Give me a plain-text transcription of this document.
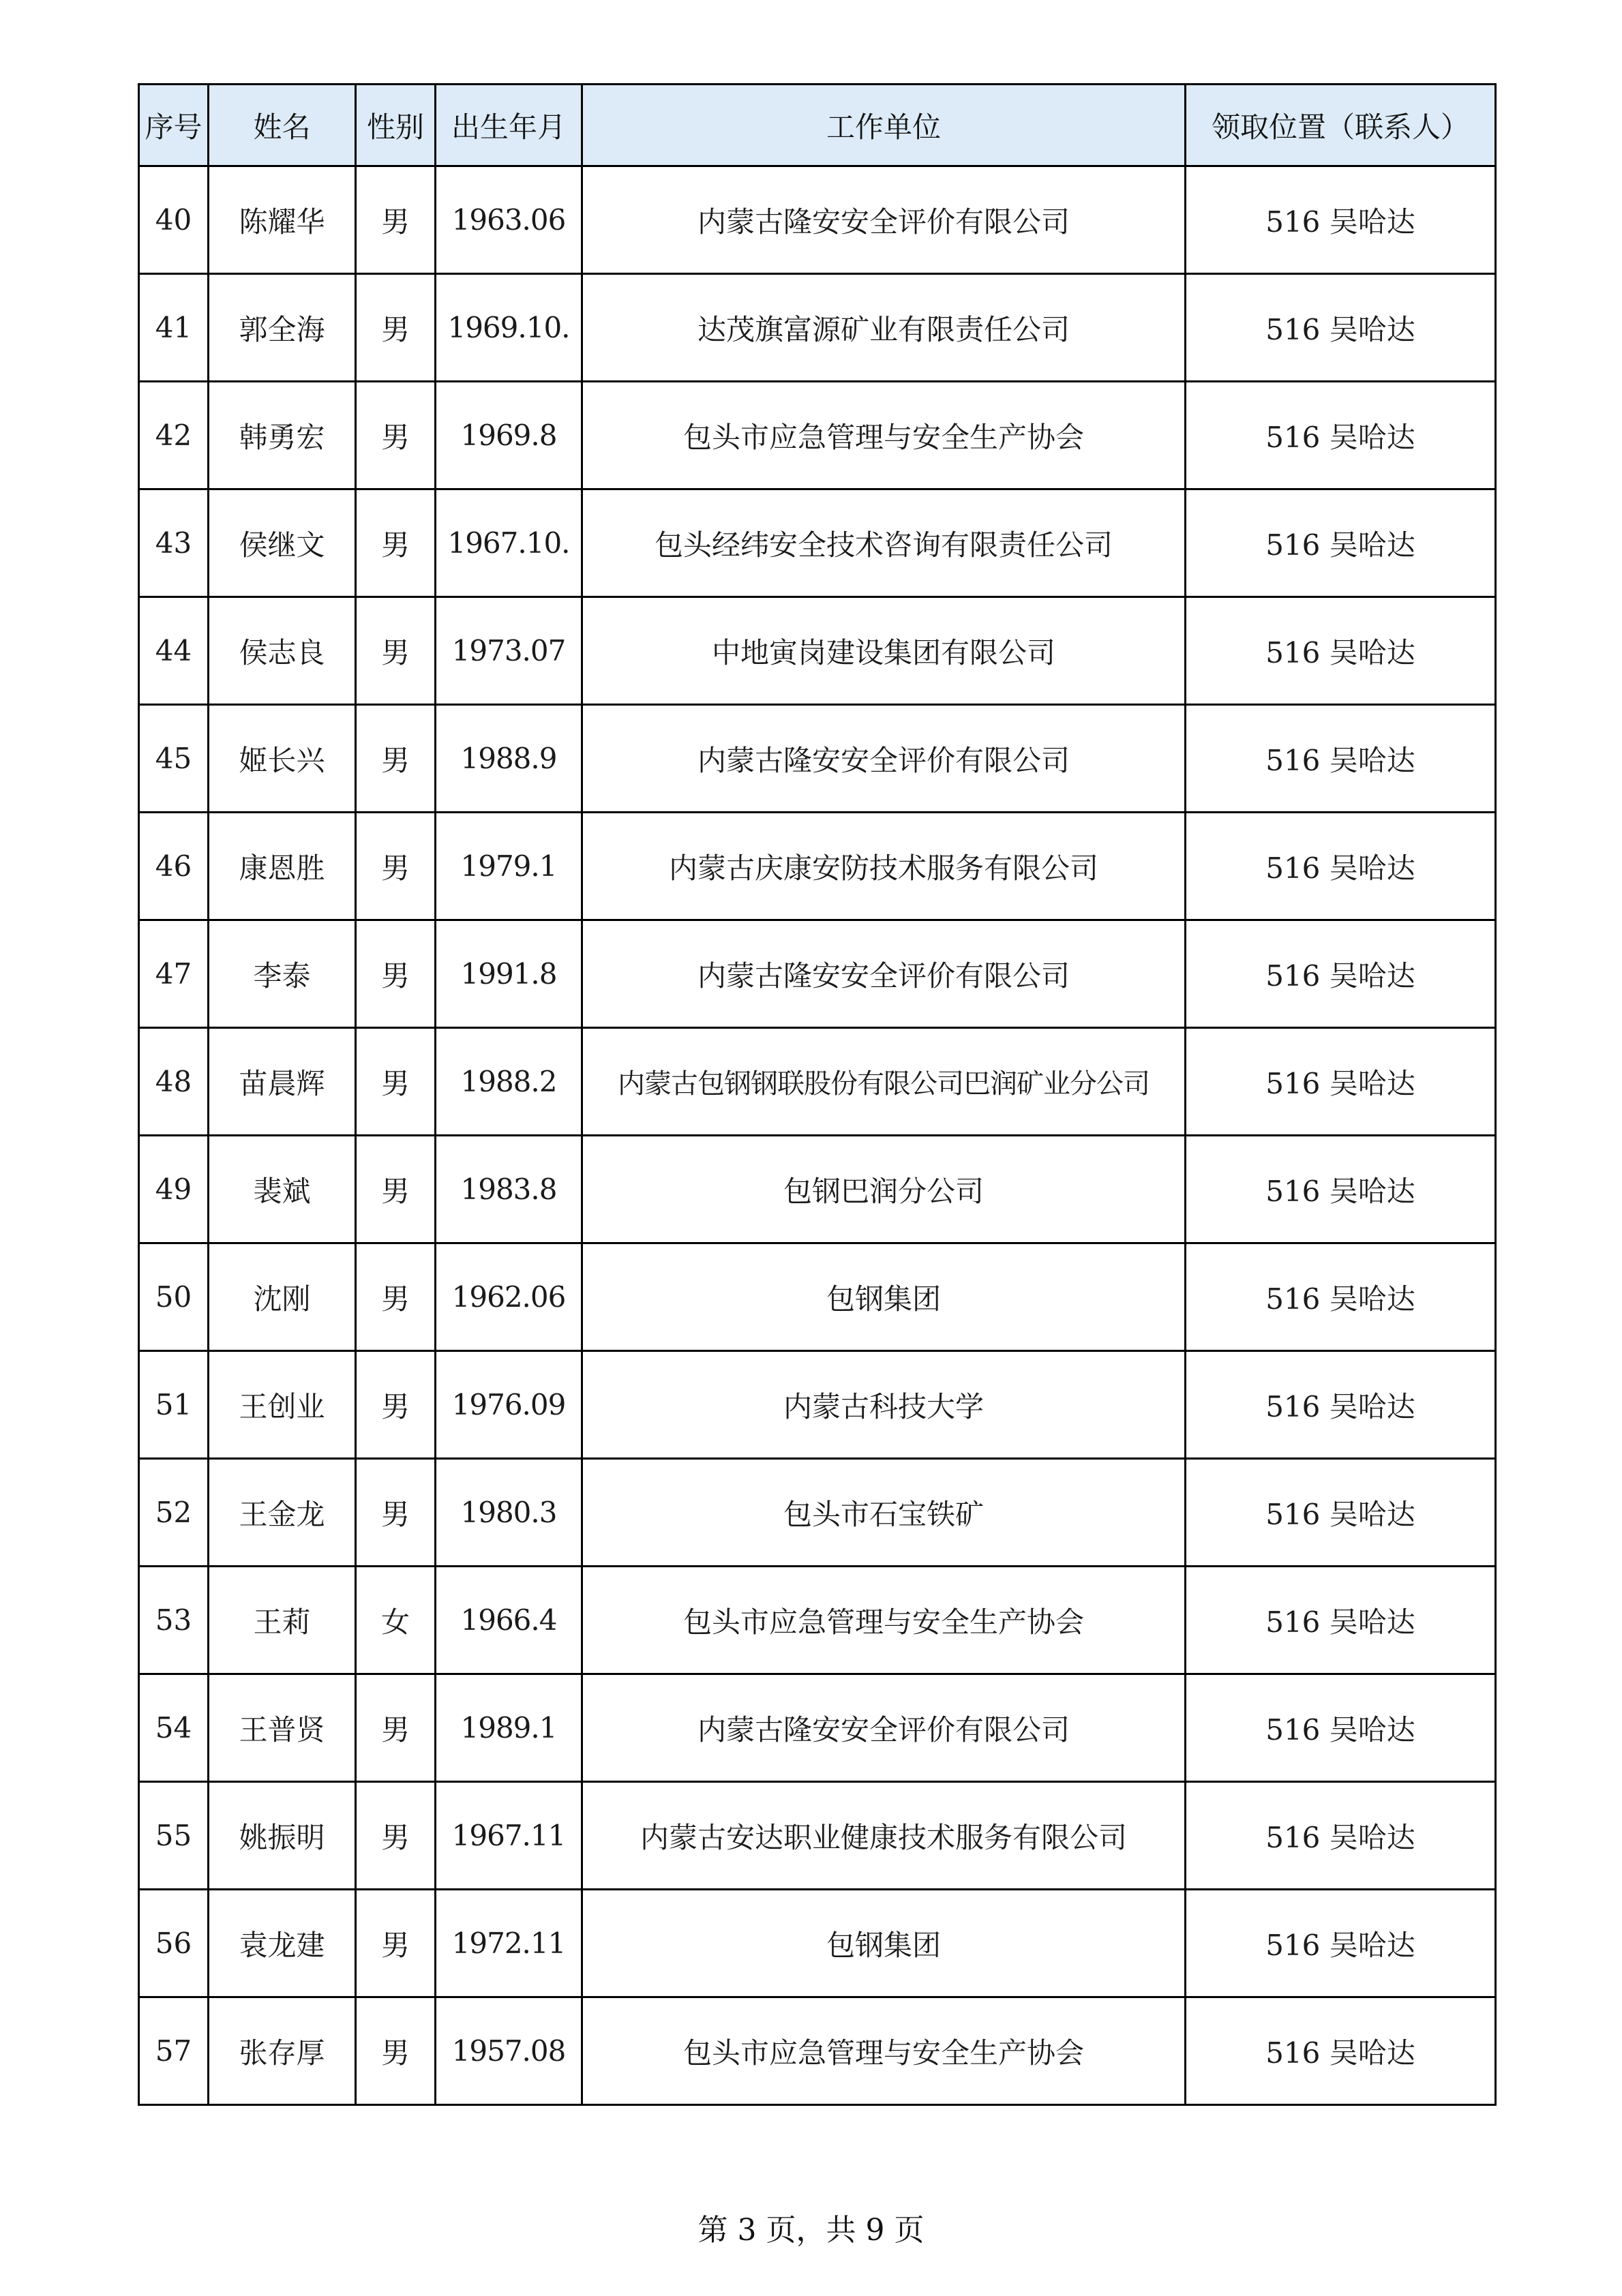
序号	姓名	性别	出生年月	工作单位	领取位置（联系人）
40	陈耀华	男	1963.06	内蒙古隆安安全评价有限公司	516 吴哈达
41	郭全海	男	1969.10.	达茂旗富源矿业有限责任公司	516 吴哈达
42	韩勇宏	男	1969.8	包头市应急管理与安全生产协会	516 吴哈达
43	侯继文	男	1967.10.	包头经纬安全技术咨询有限责任公司	516 吴哈达
44	侯志良	男	1973.07	中地寅岗建设集团有限公司	516 吴哈达
45	姬长兴	男	1988.9	内蒙古隆安安全评价有限公司	516 吴哈达
46	康恩胜	男	1979.1	内蒙古庆康安防技术服务有限公司	516 吴哈达
47	李泰	男	1991.8	内蒙古隆安安全评价有限公司	516 吴哈达
48	苗晨辉	男	1988.2	内蒙古包钢钢联股份有限公司巴润矿业分公司	516 吴哈达
49	裴斌	男	1983.8	包钢巴润分公司	516 吴哈达
50	沈刚	男	1962.06	包钢集团	516 吴哈达
51	王创业	男	1976.09	内蒙古科技大学	516 吴哈达
52	王金龙	男	1980.3	包头市石宝铁矿	516 吴哈达
53	王莉	女	1966.4	包头市应急管理与安全生产协会	516 吴哈达
54	王普贤	男	1989.1	内蒙古隆安安全评价有限公司	516 吴哈达
55	姚振明	男	1967.11	内蒙古安达职业健康技术服务有限公司	516 吴哈达
56	袁龙建	男	1972.11	包钢集团	516 吴哈达
57	张存厚	男	1957.08	包头市应急管理与安全生产协会	516 吴哈达
第 3 页，共 9 页
